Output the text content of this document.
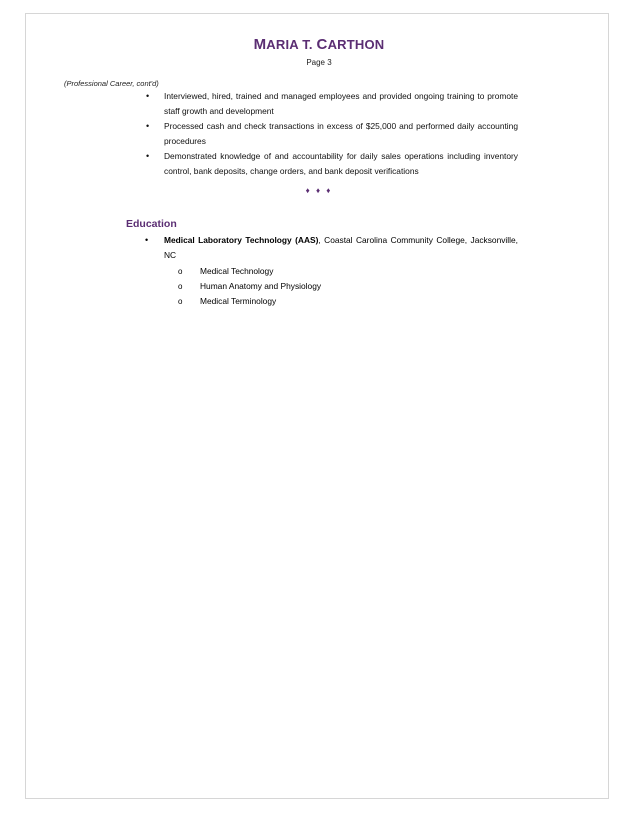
MARIA T. CARTHON
Page 3
(Professional Career, cont'd)
• Interviewed, hired, trained and managed employees and provided ongoing training to promote staff growth and development
• Processed cash and check transactions in excess of $25,000 and performed daily accounting procedures
• Demonstrated knowledge of and accountability for daily sales operations including inventory control, bank deposits, change orders, and bank deposit verifications
♦ ♦ ♦
Education
• Medical Laboratory Technology (AAS), Coastal Carolina Community College, Jacksonville, NC
o Medical Technology
o Human Anatomy and Physiology
o Medical Terminology
